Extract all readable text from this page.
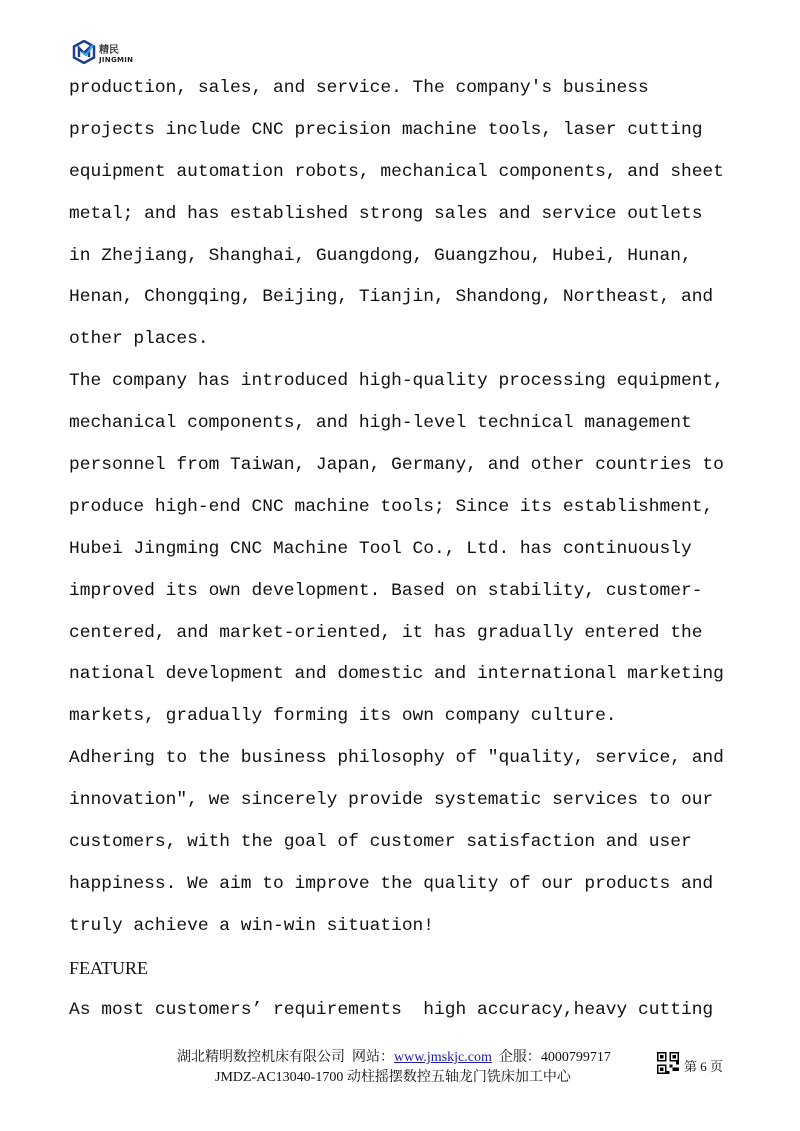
精民
JINGMIN
production, sales, and service. The company's business
projects include CNC precision machine tools, laser cutting
equipment automation robots, mechanical components, and sheet
metal; and has established strong sales and service outlets
in Zhejiang, Shanghai, Guangdong, Guangzhou, Hubei, Hunan,
Henan, Chongqing, Beijing, Tianjin, Shandong, Northeast, and
other places.
The company has introduced high-quality processing equipment,
mechanical components, and high-level technical management
personnel from Taiwan, Japan, Germany, and other countries to
produce high-end CNC machine tools; Since its establishment,
Hubei Jingming CNC Machine Tool Co., Ltd. has continuously
improved its own development. Based on stability, customer-
centered, and market-oriented, it has gradually entered the
national development and domestic and international marketing
markets, gradually forming its own company culture.
Adhering to the business philosophy of ″quality, service, and
innovation″, we sincerely provide systematic services to our
customers, with the goal of customer satisfaction and user
happiness. We aim to improve the quality of our products and
truly achieve a win-win situation!
FEATURE
As most customers’ requirements  high accuracy,heavy cutting
湖北精明数控机床有限公司 网站：www.jmskjc.com 企服：4000799717
JMDZ-AC13040-1700 动柱摇摆数控五轴龙门铣床加工中心
第 6 页
